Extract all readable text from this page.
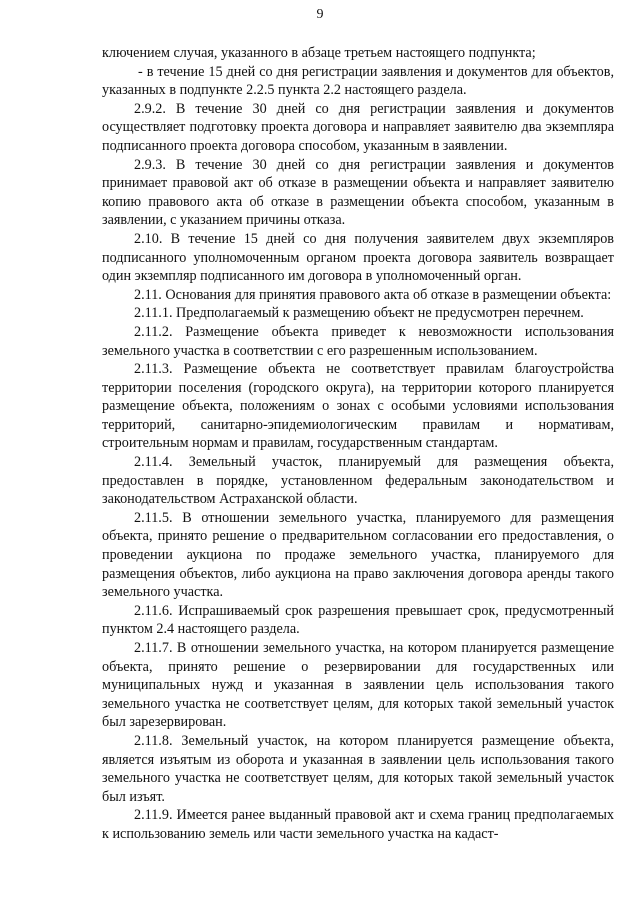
9

ключением случая, указанного в абзаце третьем настоящего подпункта;

- в течение 15 дней со дня регистрации заявления и документов для объектов, указанных в подпункте 2.2.5 пункта 2.2 настоящего раздела.

2.9.2. В течение 30 дней со дня регистрации заявления и документов осуществляет подготовку проекта договора и направляет заявителю два экземпляра подписанного проекта договора способом, указанным в заявлении.

2.9.3. В течение 30 дней со дня регистрации заявления и документов принимает правовой акт об отказе в размещении объекта и направляет заявителю копию правового акта об отказе в размещении объекта способом, указанным в заявлении, с указанием причины отказа.

2.10. В течение 15 дней со дня получения заявителем двух экземпляров подписанного уполномоченным органом проекта договора заявитель возвращает один экземпляр подписанного им договора в уполномоченный орган.

2.11. Основания для принятия правового акта об отказе в размещении объекта:

2.11.1. Предполагаемый к размещению объект не предусмотрен перечнем.

2.11.2. Размещение объекта приведет к невозможности использования земельного участка в соответствии с его разрешенным использованием.

2.11.3. Размещение объекта не соответствует правилам благоустройства территории поселения (городского округа), на территории которого планируется размещение объекта, положениям о зонах с особыми условиями использования территорий, санитарно-эпидемиологическим правилам и нормативам, строительным нормам и правилам, государственным стандартам.

2.11.4. Земельный участок, планируемый для размещения объекта, предоставлен в порядке, установленном федеральным законодательством и законодательством Астраханской области.

2.11.5. В отношении земельного участка, планируемого для размещения объекта, принято решение о предварительном согласовании его предоставления, о проведении аукциона по продаже земельного участка, планируемого для размещения объектов, либо аукциона на право заключения договора аренды такого земельного участка.

2.11.6. Испрашиваемый срок разрешения превышает срок, предусмотренный пунктом 2.4 настоящего раздела.

2.11.7. В отношении земельного участка, на котором планируется размещение объекта, принято решение о резервировании для государственных или муниципальных нужд и указанная в заявлении цель использования такого земельного участка не соответствует целям, для которых такой земельный участок был зарезервирован.

2.11.8. Земельный участок, на котором планируется размещение объекта, является изъятым из оборота и указанная в заявлении цель использования такого земельного участка не соответствует целям, для которых такой земельный участок был изъят.

2.11.9. Имеется ранее выданный правовой акт и схема границ предполагаемых к использованию земель или части земельного участка на кадаст-
